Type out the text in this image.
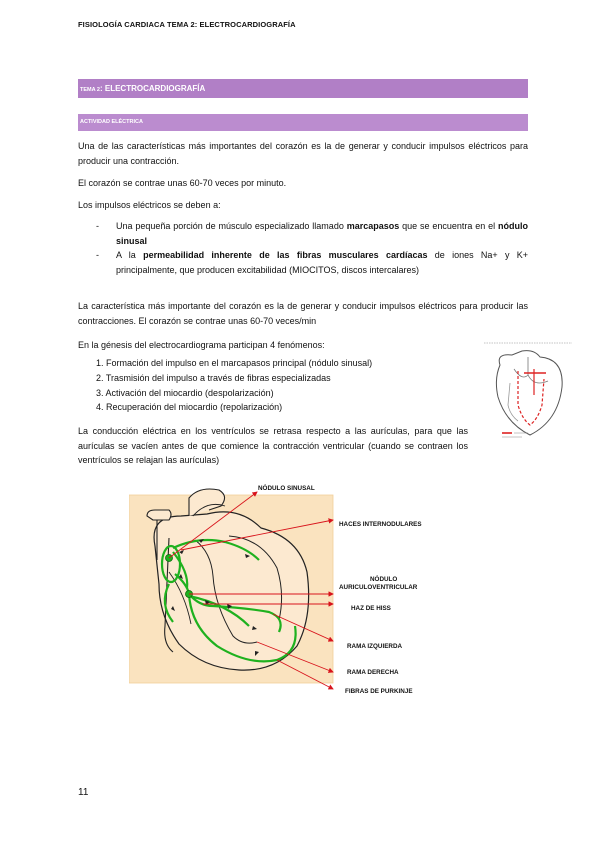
FISIOLOGÍA CARDIACA TEMA 2: ELECTROCARDIOGRAFÍA
TEMA 2: ELECTROCARDIOGRAFÍA
ACTIVIDAD ELÉCTRICA

Una de las características más importantes del corazón es la de generar y conducir impulsos eléctricos para producir una contracción.

El corazón se contrae unas 60-70 veces por minuto.

Los impulsos eléctricos se deben a:

- Una pequeña porción de músculo especializado llamado marcapasos que se encuentra en el nódulo sinusal
- A la permeabilidad inherente de las fibras musculares cardíacas de iones Na+ y K+ principalmente, que producen excitabilidad (MIOCITOS, discos intercalares)

La característica más importante del corazón es la de generar y conducir impulsos eléctricos para producir las contracciones. El corazón se contrae unas 60-70 veces/min

En la génesis del electrocardiograma participan 4 fenómenos:

1. Formación del impulso en el marcapasos principal (nódulo sinusal)
2. Trasmisión del impulso a través de fibras especializadas
3. Activación del miocardio (despolarización)
4. Recuperación del miocardio (repolarización)

La conducción eléctrica en los ventrículos se retrasa respecto a las aurículas, para que las aurículas se vacíen antes de que comience la contracción ventricular (cuando se contraen los ventrículos se relajan las aurículas)

NÓDULO SINUSAL
HACES INTERNODULARES
NÓDULO
AURICULOVENTRICULAR
HAZ DE HISS
RAMA IZQUIERDA
RAMA DERECHA
FIBRAS DE PURKINJE
11
